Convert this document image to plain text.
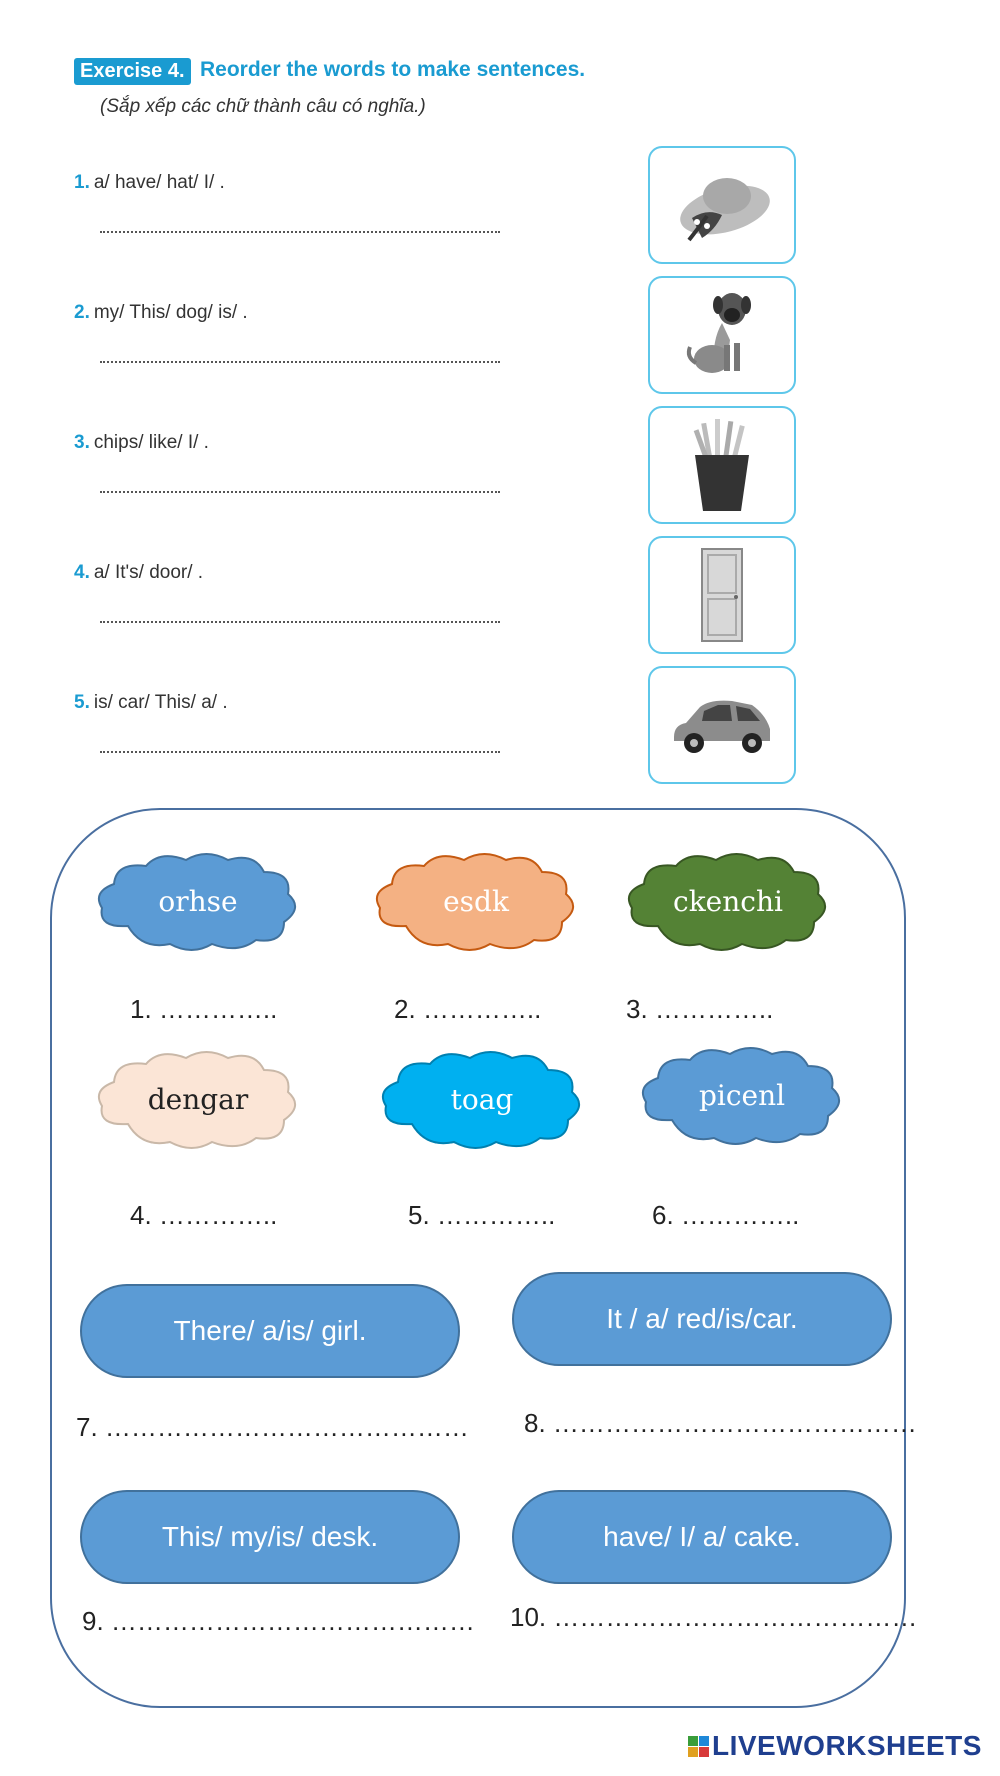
Exercise 4. Reorder the words to make sentences.
(Sắp xếp các chữ thành câu có nghĩa.)
1. a/ have/ hat/ I/ .
2. my/ This/ dog/ is/ .
3. chips/ like/ I/ .
4. a/ It's/ door/ .
5. is/ car/ This/ a/ .
orhse	esdk	ckenchi
1. …………..	2. …………..	3. …………..
dengar	toag	picenl
4. …………..	5. …………..	6. …………..
There/ a/is/ girl.	It / a/ red/is/car.
7. …………………………………… 8. ……………………………………
This/ my/is/ desk.	have/ I/ a/ cake.
9. …………………………………… 10. ……………………………………
LIVEWORKSHEETS
